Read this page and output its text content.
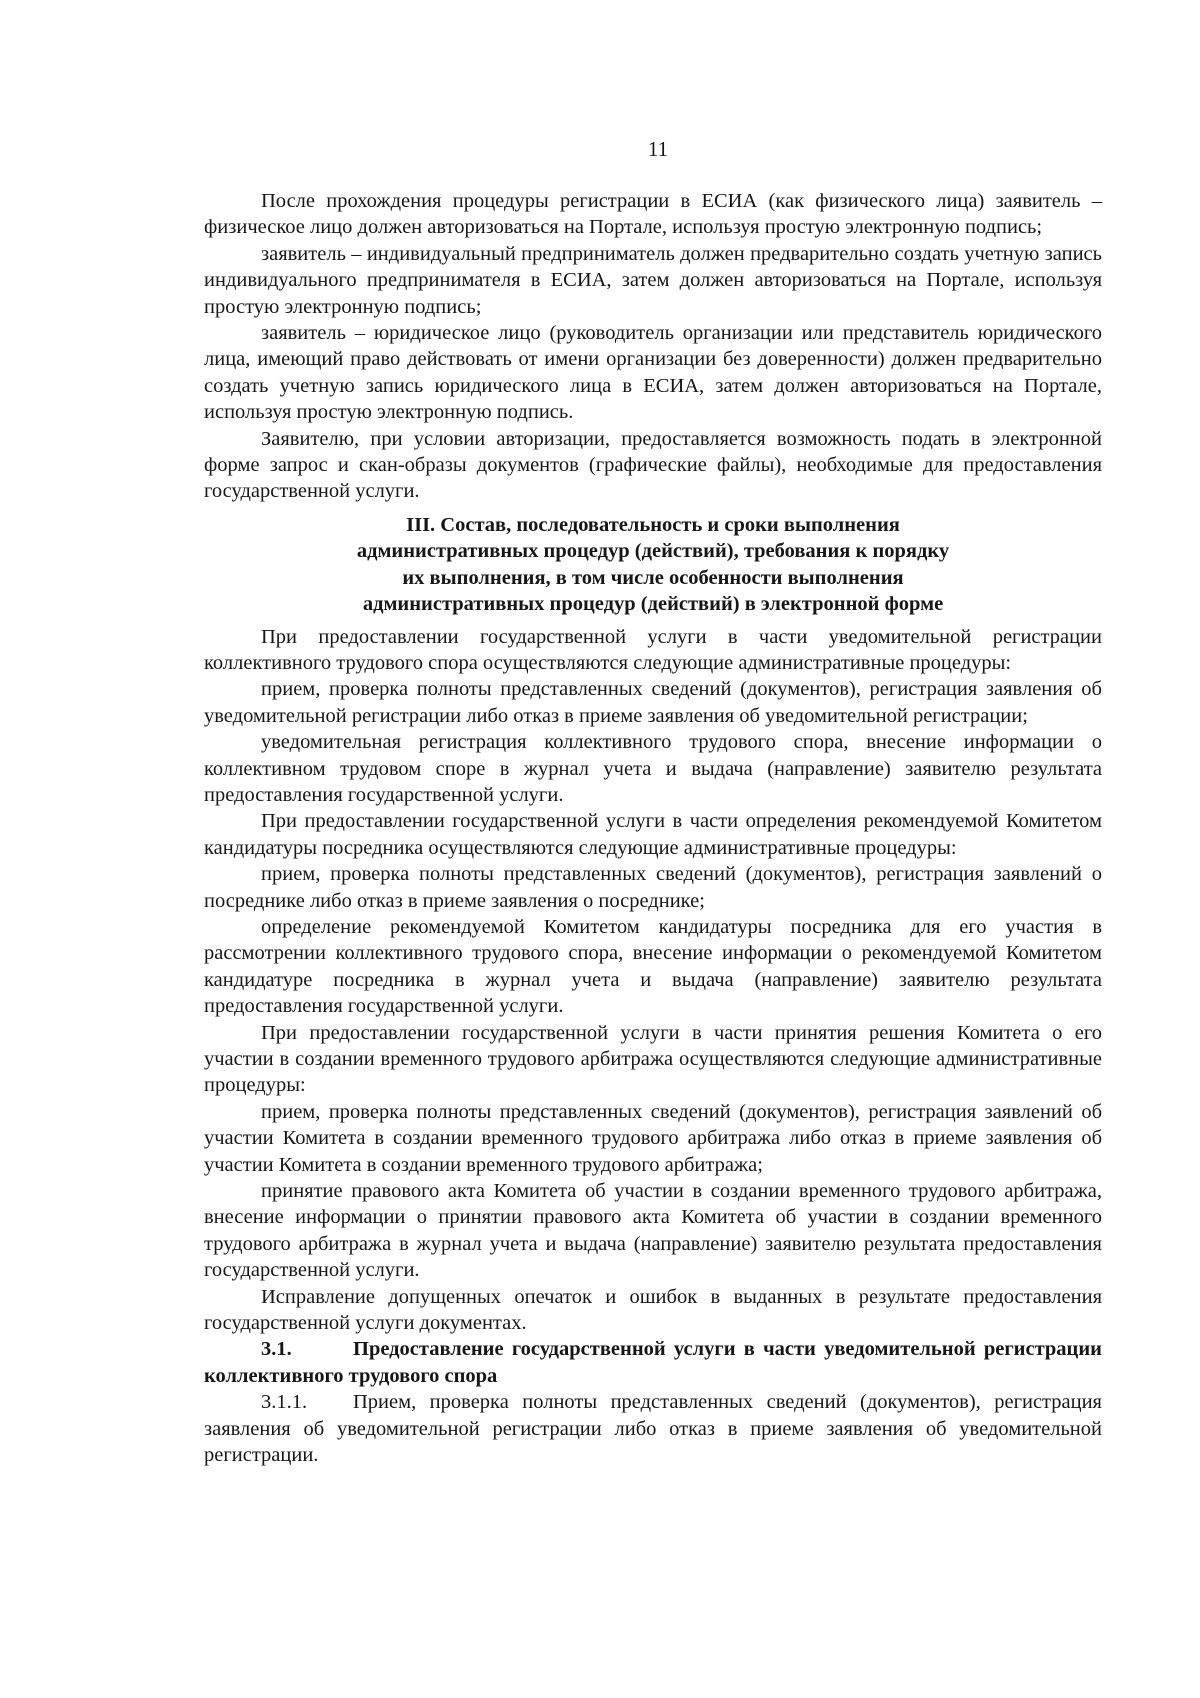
11

После прохождения процедуры регистрации в ЕСИА (как физического лица) заявитель – физическое лицо должен авторизоваться на Портале, используя простую электронную подпись;

заявитель – индивидуальный предприниматель должен предварительно создать учетную запись индивидуального предпринимателя в ЕСИА, затем должен авторизоваться на Портале, используя простую электронную подпись;

заявитель – юридическое лицо (руководитель организации или представитель юридического лица, имеющий право действовать от имени организации без доверенности) должен предварительно создать учетную запись юридического лица в ЕСИА, затем должен авторизоваться на Портале, используя простую электронную подпись.

Заявителю, при условии авторизации, предоставляется возможность подать в электронной форме запрос и скан-образы документов (графические файлы), необходимые для предоставления государственной услуги.

III. Состав, последовательность и сроки выполнения
административных процедур (действий), требования к порядку
их выполнения, в том числе особенности выполнения
административных процедур (действий) в электронной форме

При предоставлении государственной услуги в части уведомительной регистрации коллективного трудового спора осуществляются следующие административные процедуры:

прием, проверка полноты представленных сведений (документов), регистрация заявления об уведомительной регистрации либо отказ в приеме заявления об уведомительной регистрации;

уведомительная регистрация коллективного трудового спора, внесение информации о коллективном трудовом споре в журнал учета и выдача (направление) заявителю результата предоставления государственной услуги.

При предоставлении государственной услуги в части определения рекомендуемой Комитетом кандидатуры посредника осуществляются следующие административные процедуры:

прием, проверка полноты представленных сведений (документов), регистрация заявлений о посреднике либо отказ в приеме заявления о посреднике;

определение рекомендуемой Комитетом кандидатуры посредника для его участия в рассмотрении коллективного трудового спора, внесение информации о рекомендуемой Комитетом кандидатуре посредника в журнал учета и выдача (направление) заявителю результата предоставления государственной услуги.

При предоставлении государственной услуги в части принятия решения Комитета о его участии в создании временного трудового арбитража осуществляются следующие административные процедуры:

прием, проверка полноты представленных сведений (документов), регистрация заявлений об участии Комитета в создании временного трудового арбитража либо отказ в приеме заявления об участии Комитета в создании временного трудового арбитража;

принятие правового акта Комитета об участии в создании временного трудового арбитража, внесение информации о принятии правового акта Комитета об участии в создании временного трудового арбитража в журнал учета и выдача (направление) заявителю результата предоставления государственной услуги.

Исправление допущенных опечаток и ошибок в выданных в результате предоставления государственной услуги документах.

3.1.	Предоставление государственной услуги в части уведомительной регистрации коллективного трудового спора

3.1.1. Прием, проверка полноты представленных сведений (документов), регистрация заявления об уведомительной регистрации либо отказ в приеме заявления об уведомительной регистрации.
